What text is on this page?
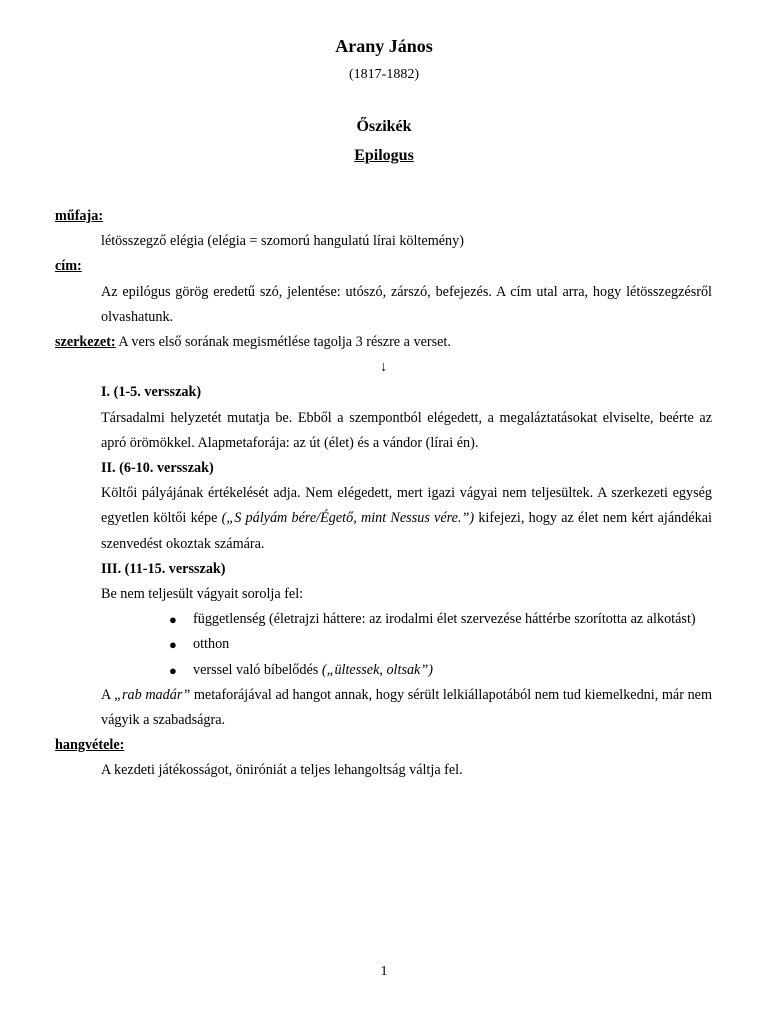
Arany János
(1817-1882)
Őszikék
Epilogus
műfaja:
létösszegző elégia (elégia = szomorú hangulatú lírai költemény)
cím:
Az epilógus görög eredetű szó, jelentése: utószó, zárszó, befejezés. A cím utal arra, hogy létösszegzésről olvashatunk.
szerkezet: A vers első sorának megismétlése tagolja 3 részre a verset.
↓
I. (1-5. versszak)
Társadalmi helyzetét mutatja be. Ebből a szempontból elégedett, a megaláztatásokat elviselte, beérte az apró örömökkel. Alapmetaforája: az út (élet) és a vándor (lírai én).
II. (6-10. versszak)
Költői pályájának értékelését adja. Nem elégedett, mert igazi vágyai nem teljesültek. A szerkezeti egység egyetlen költői képe („S pályám bére/Égető, mint Nessus vére.”) kifejezi, hogy az élet nem kért ajándékai szenvedést okoztak számára.
III. (11-15. versszak)
Be nem teljesült vágyait sorolja fel:
● függetlenség (életrajzi háttere: az irodalmi élet szervezése háttérbe szorította az alkotást)
● otthon
● verssel való bíbelődés („ültessek, oltsak”)
A „rab madár” metaforájával ad hangot annak, hogy sérült lelkiállapotából nem tud kiemelkedni, már nem vágyik a szabadságra.
hangvétele:
A kezdeti játékosságot, öniróniát a teljes lehangoltság váltja fel.
1
